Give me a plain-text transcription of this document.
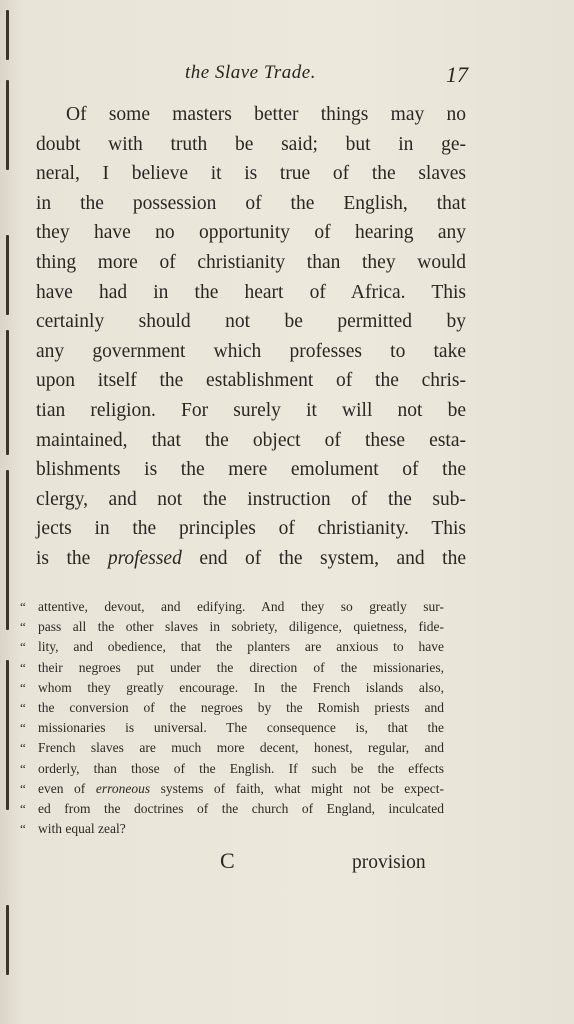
the Slave Trade.	17
Of some masters better things may no
doubt with truth be said; but in ge-
neral, I believe it is true of the slaves
in the possession of the English, that
they have no opportunity of hearing any
thing more of christianity than they would
have had in the heart of Africa. This
certainly should not be permitted by
any government which professes to take
upon itself the establishment of the chris-
tian religion. For surely it will not be
maintained, that the object of these esta-
blishments is the mere emolument of the
clergy, and not the instruction of the sub-
jects in the principles of christianity. This
is the professed end of the system, and the
“ attentive, devout, and edifying. And they so greatly sur-
“ pass all the other slaves in sobriety, diligence, quietness, fide-
“ lity, and obedience, that the planters are anxious to have
“ their negroes put under the direction of the missionaries,
“ whom they greatly encourage. In the French islands also,
“ the conversion of the negroes by the Romish priests and
“ missionaries is universal. The consequence is, that the
“ French slaves are much more decent, honest, regular, and
“ orderly, than those of the English. If such be the effects
“ even of erroneous systems of faith, what might not be expect-
“ ed from the doctrines of the church of England, inculcated
“ with equal zeal?
C	provision
